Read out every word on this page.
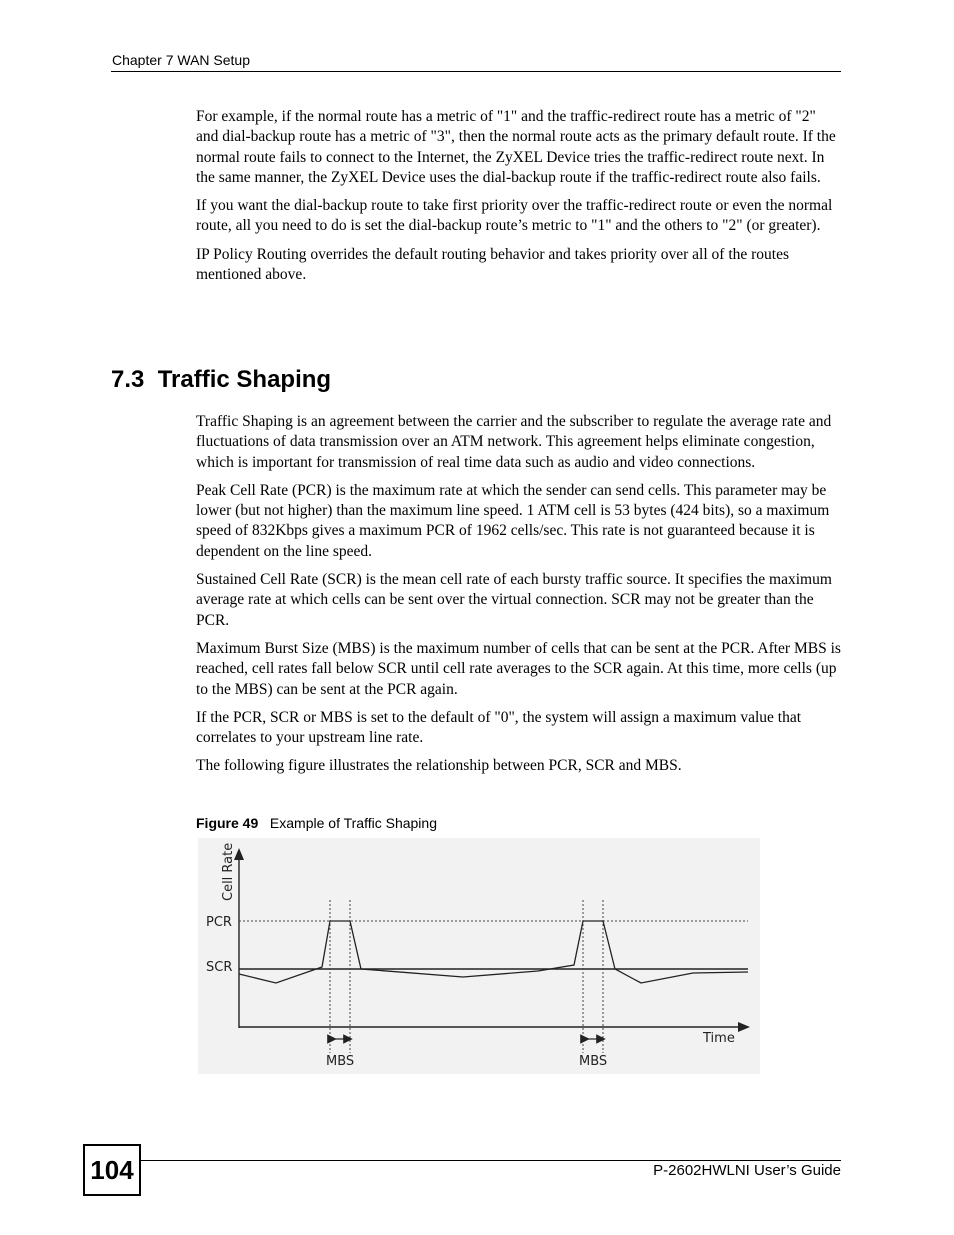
Chapter 7 WAN Setup

For example, if the normal route has a metric of "1" and the traffic-redirect route has a metric of "2" and dial-backup route has a metric of "3", then the normal route acts as the primary default route. If the normal route fails to connect to the Internet, the ZyXEL Device tries the traffic-redirect route next. In the same manner, the ZyXEL Device uses the dial-backup route if the traffic-redirect route also fails.

If you want the dial-backup route to take first priority over the traffic-redirect route or even the normal route, all you need to do is set the dial-backup route’s metric to "1" and the others to "2" (or greater).

IP Policy Routing overrides the default routing behavior and takes priority over all of the routes mentioned above.

7.3 Traffic Shaping

Traffic Shaping is an agreement between the carrier and the subscriber to regulate the average rate and fluctuations of data transmission over an ATM network. This agreement helps eliminate congestion, which is important for transmission of real time data such as audio and video connections.

Peak Cell Rate (PCR) is the maximum rate at which the sender can send cells. This parameter may be lower (but not higher) than the maximum line speed. 1 ATM cell is 53 bytes (424 bits), so a maximum speed of 832Kbps gives a maximum PCR of 1962 cells/sec. This rate is not guaranteed because it is dependent on the line speed.

Sustained Cell Rate (SCR) is the mean cell rate of each bursty traffic source. It specifies the maximum average rate at which cells can be sent over the virtual connection. SCR may not be greater than the PCR.

Maximum Burst Size (MBS) is the maximum number of cells that can be sent at the PCR. After MBS is reached, cell rates fall below SCR until cell rate averages to the SCR again. At this time, more cells (up to the MBS) can be sent at the PCR again.

If the PCR, SCR or MBS is set to the default of "0", the system will assign a maximum value that correlates to your upstream line rate.

The following figure illustrates the relationship between PCR, SCR and MBS.

Figure 49 Example of Traffic Shaping
Cell Rate
PCR
SCR
Time
MBS	MBS
104	P-2602HWLNI User’s Guide
